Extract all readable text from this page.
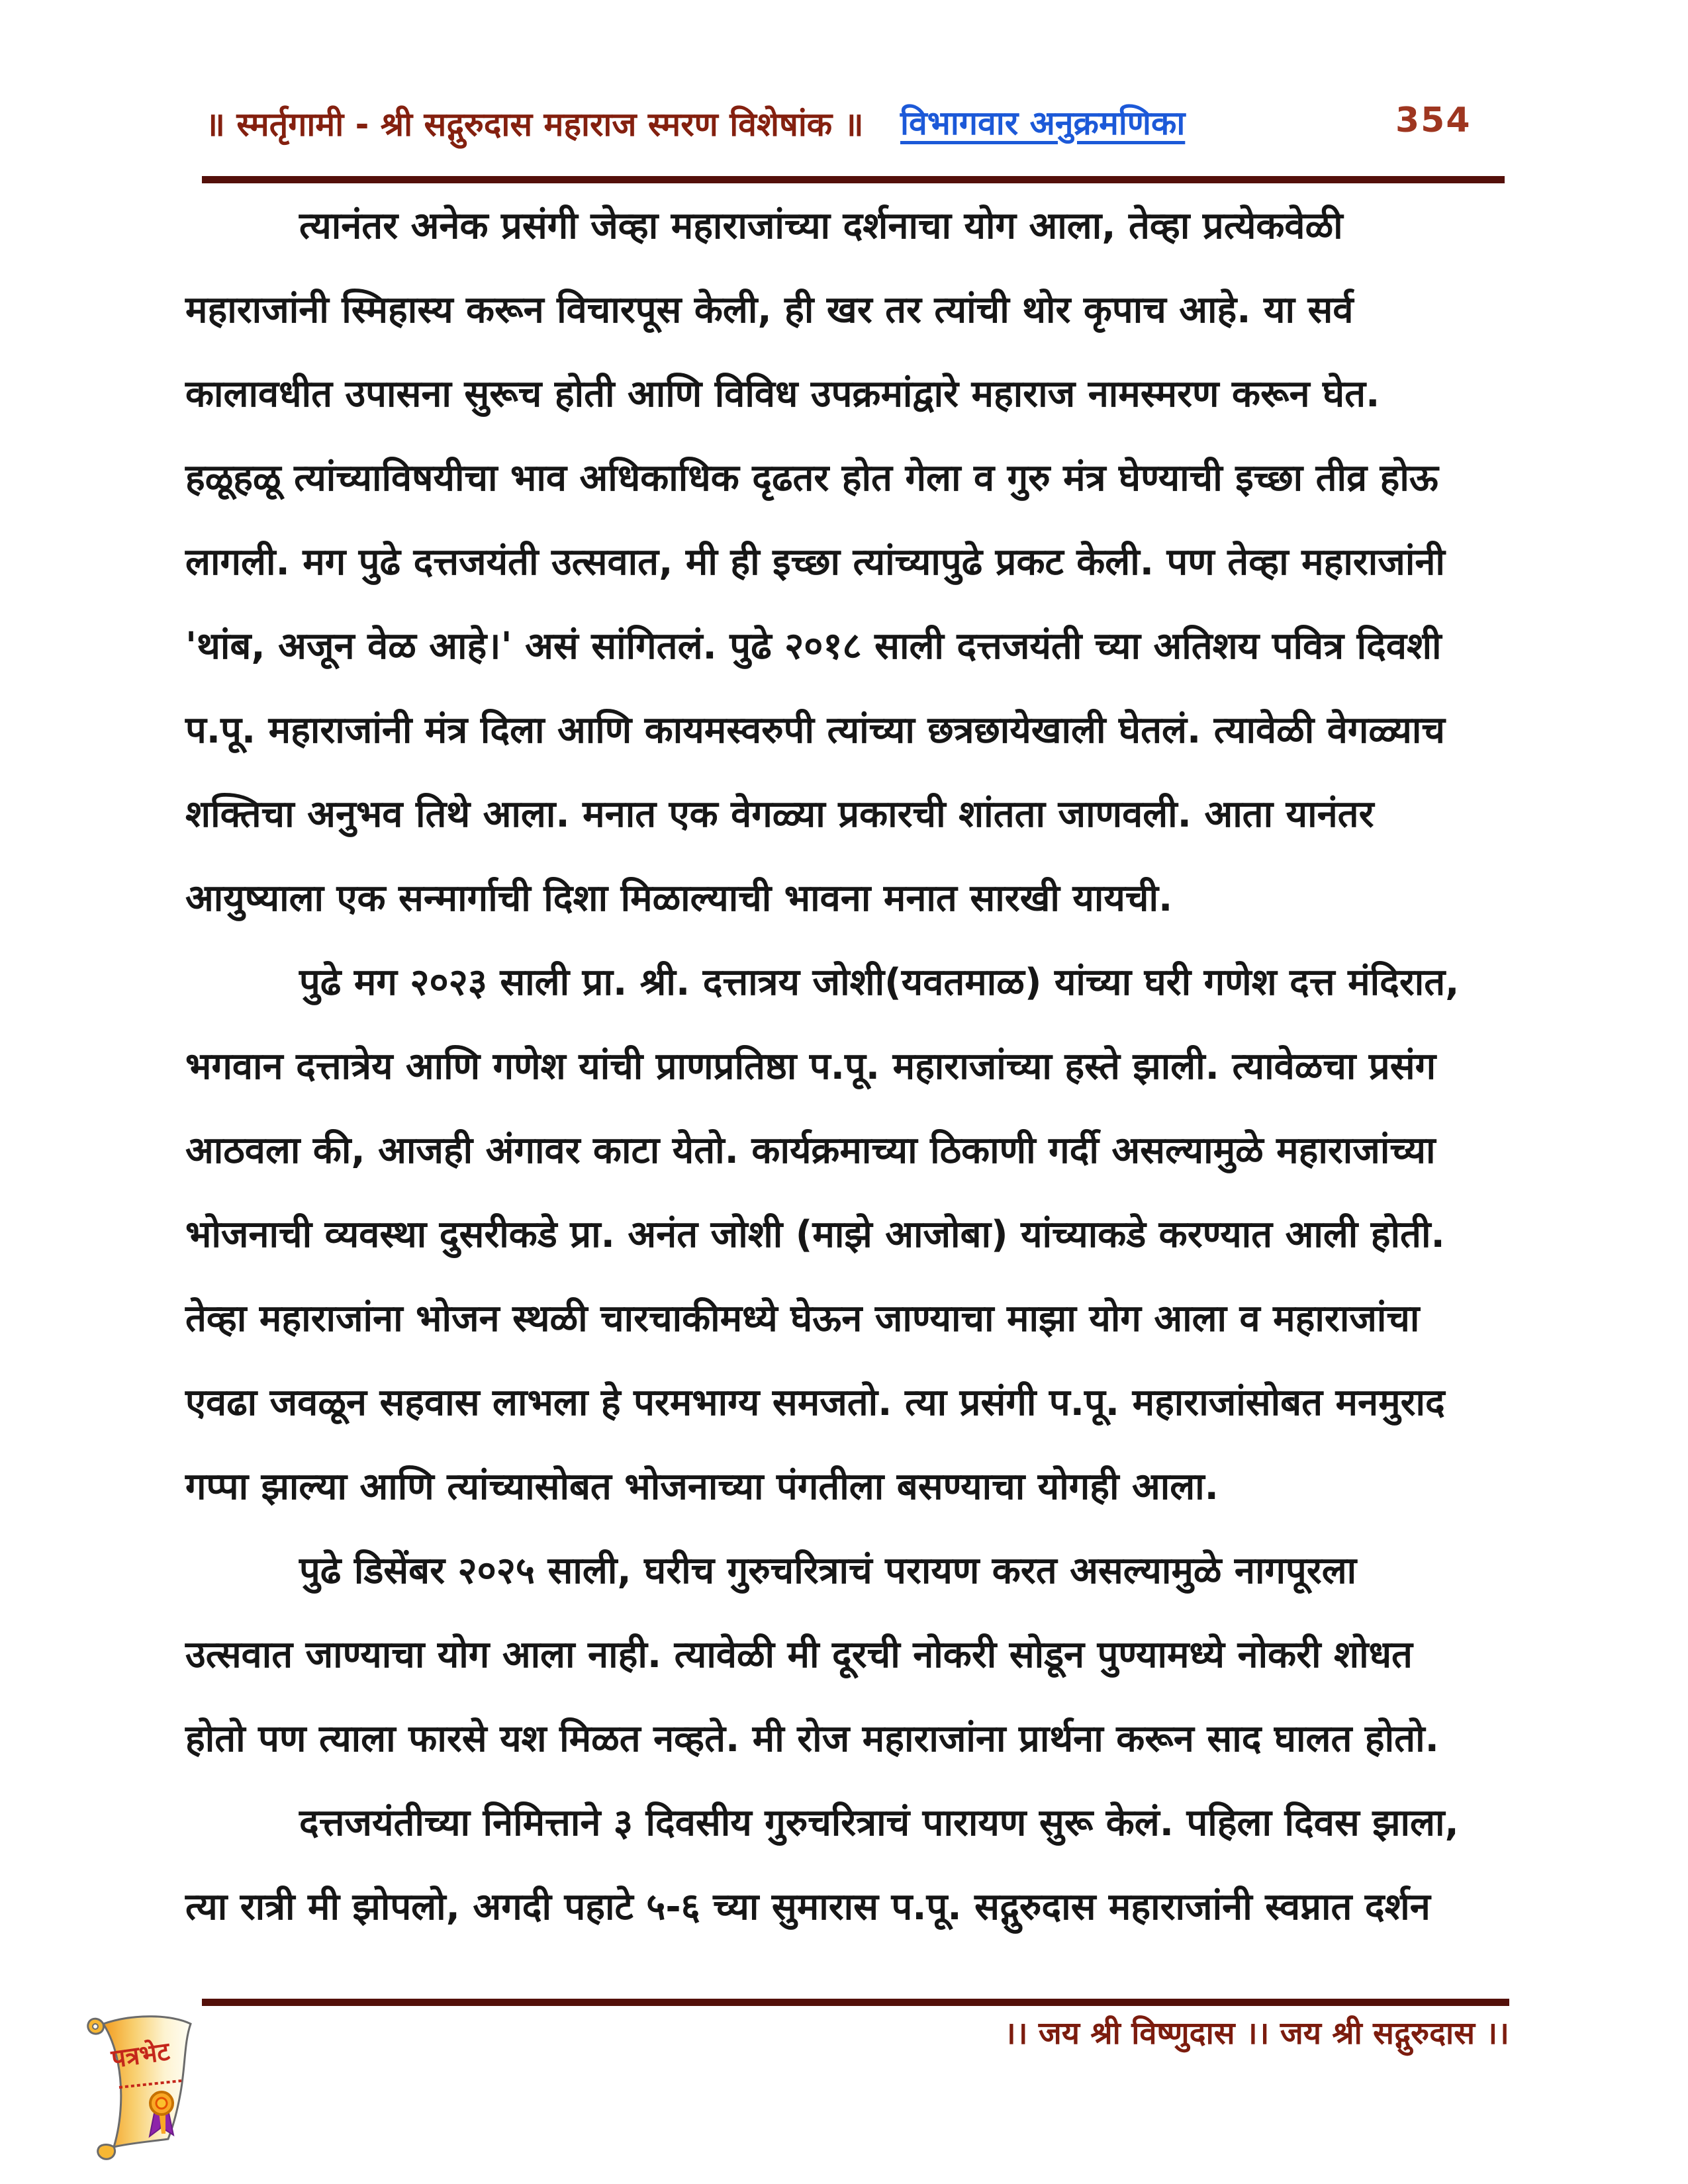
॥ स्मर्तृगामी - श्री सद्गुरुदास महाराज स्मरण विशेषांक ॥ विभागवार अनुक्रमणिका	354
त्यानंतर अनेक प्रसंगी जेव्हा महाराजांच्या दर्शनाचा योग आला, तेव्हा प्रत्येकवेळी
महाराजांनी स्मिहास्य करून विचारपूस केली, ही खर तर त्यांची थोर कृपाच आहे. या सर्व
कालावधीत उपासना सुरूच होती आणि विविध उपक्रमांद्वारे महाराज नामस्मरण करून घेत.
हळूहळू त्यांच्याविषयीचा भाव अधिकाधिक दृढतर होत गेला व गुरु मंत्र घेण्याची इच्छा तीव्र होऊ
लागली. मग पुढे दत्तजयंती उत्सवात, मी ही इच्छा त्यांच्यापुढे प्रकट केली. पण तेव्हा महाराजांनी
'थांब, अजून वेळ आहे।' असं सांगितलं. पुढे २०१८ साली दत्तजयंती च्या अतिशय पवित्र दिवशी
प.पू. महाराजांनी मंत्र दिला आणि कायमस्वरुपी त्यांच्या छत्रछायेखाली घेतलं. त्यावेळी वेगळ्याच
शक्तिचा अनुभव तिथे आला. मनात एक वेगळ्या प्रकारची शांतता जाणवली. आता यानंतर
आयुष्याला एक सन्मार्गाची दिशा मिळाल्याची भावना मनात सारखी यायची.
पुढे मग २०२३ साली प्रा. श्री. दत्तात्रय जोशी(यवतमाळ) यांच्या घरी गणेश दत्त मंदिरात,
भगवान दत्तात्रेय आणि गणेश यांची प्राणप्रतिष्ठा प.पू. महाराजांच्या हस्ते झाली. त्यावेळचा प्रसंग
आठवला की, आजही अंगावर काटा येतो. कार्यक्रमाच्या ठिकाणी गर्दी असल्यामुळे महाराजांच्या
भोजनाची व्यवस्था दुसरीकडे प्रा. अनंत जोशी (माझे आजोबा) यांच्याकडे करण्यात आली होती.
तेव्हा महाराजांना भोजन स्थळी चारचाकीमध्ये घेऊन जाण्याचा माझा योग आला व महाराजांचा
एवढा जवळून सहवास लाभला हे परमभाग्य समजतो. त्या प्रसंगी प.पू. महाराजांसोबत मनमुराद
गप्पा झाल्या आणि त्यांच्यासोबत भोजनाच्या पंगतीला बसण्याचा योगही आला.
पुढे डिसेंबर २०२५ साली, घरीच गुरुचरित्राचं परायण करत असल्यामुळे नागपूरला
उत्सवात जाण्याचा योग आला नाही. त्यावेळी मी दूरची नोकरी सोडून पुण्यामध्ये नोकरी शोधत
होतो पण त्याला फारसे यश मिळत नव्हते. मी रोज महाराजांना प्रार्थना करून साद घालत होतो.
दत्तजयंतीच्या निमित्ताने ३ दिवसीय गुरुचरित्राचं पारायण सुरू केलं. पहिला दिवस झाला,
त्या रात्री मी झोपलो, अगदी पहाटे ५-६ च्या सुमारास प.पू. सद्गुरुदास महाराजांनी स्वप्नात दर्शन
।। जय श्री विष्णुदास ।। जय श्री सद्गुरुदास ।।
पत्रभेट
